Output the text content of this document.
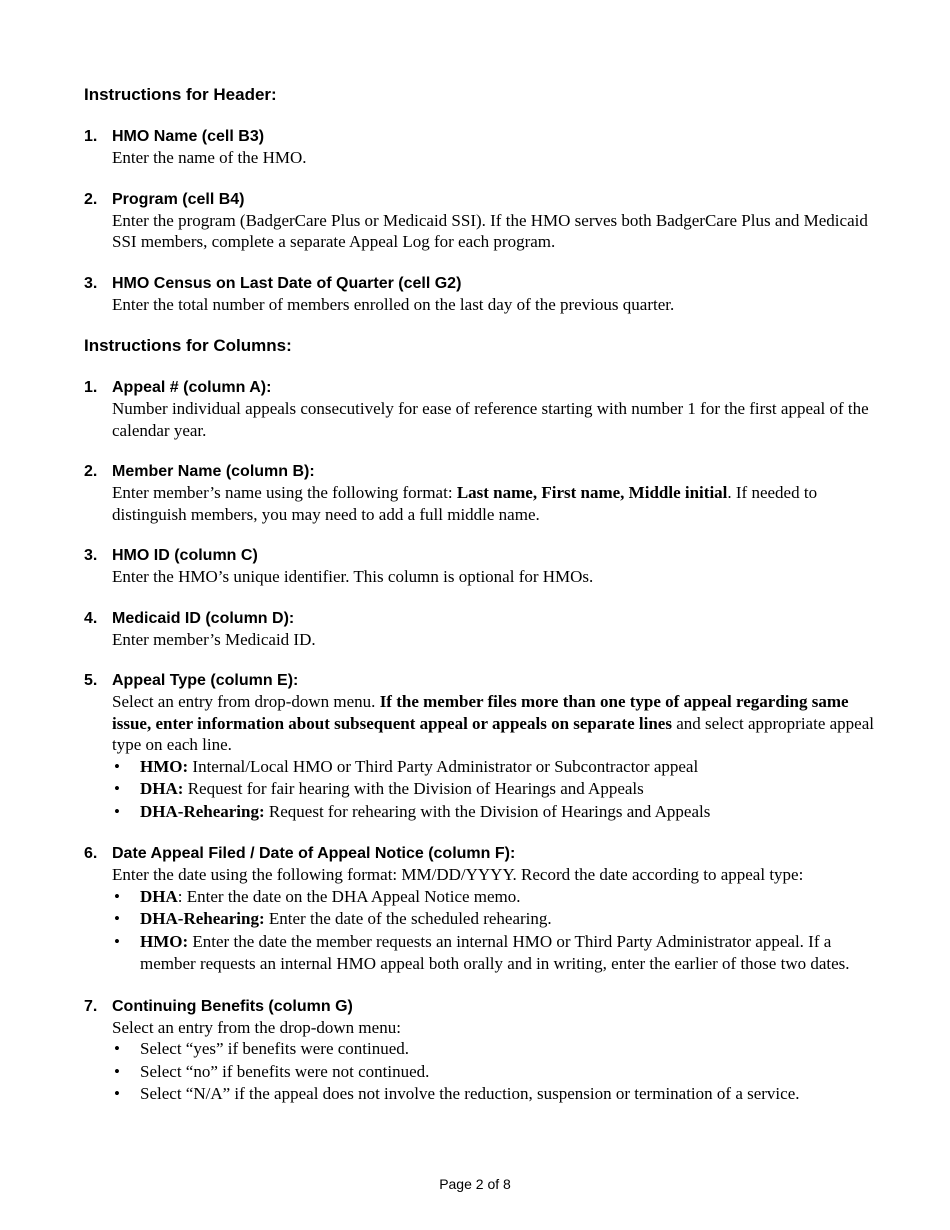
Instructions for Header:
1. HMO Name (cell B3)
Enter the name of the HMO.
2. Program (cell B4)
Enter the program (BadgerCare Plus or Medicaid SSI). If the HMO serves both BadgerCare Plus and Medicaid SSI members, complete a separate Appeal Log for each program.
3. HMO Census on Last Date of Quarter (cell G2)
Enter the total number of members enrolled on the last day of the previous quarter.
Instructions for Columns:
1. Appeal # (column A):
Number individual appeals consecutively for ease of reference starting with number 1 for the first appeal of the calendar year.
2. Member Name (column B):
Enter member’s name using the following format: Last name, First name, Middle initial. If needed to distinguish members, you may need to add a full middle name.
3. HMO ID (column C)
Enter the HMO’s unique identifier. This column is optional for HMOs.
4. Medicaid ID (column D):
Enter member’s Medicaid ID.
5. Appeal Type (column E):
Select an entry from drop-down menu. If the member files more than one type of appeal regarding same issue, enter information about subsequent appeal or appeals on separate lines and select appropriate appeal type on each line.
• HMO: Internal/Local HMO or Third Party Administrator or Subcontractor appeal
• DHA: Request for fair hearing with the Division of Hearings and Appeals
• DHA-Rehearing: Request for rehearing with the Division of Hearings and Appeals
6. Date Appeal Filed / Date of Appeal Notice (column F):
Enter the date using the following format: MM/DD/YYYY. Record the date according to appeal type:
• DHA: Enter the date on the DHA Appeal Notice memo.
• DHA-Rehearing: Enter the date of the scheduled rehearing.
• HMO: Enter the date the member requests an internal HMO or Third Party Administrator appeal. If a member requests an internal HMO appeal both orally and in writing, enter the earlier of those two dates.
7. Continuing Benefits (column G)
Select an entry from the drop-down menu:
• Select “yes” if benefits were continued.
• Select “no” if benefits were not continued.
• Select “N/A” if the appeal does not involve the reduction, suspension or termination of a service.
Page 2 of 8
